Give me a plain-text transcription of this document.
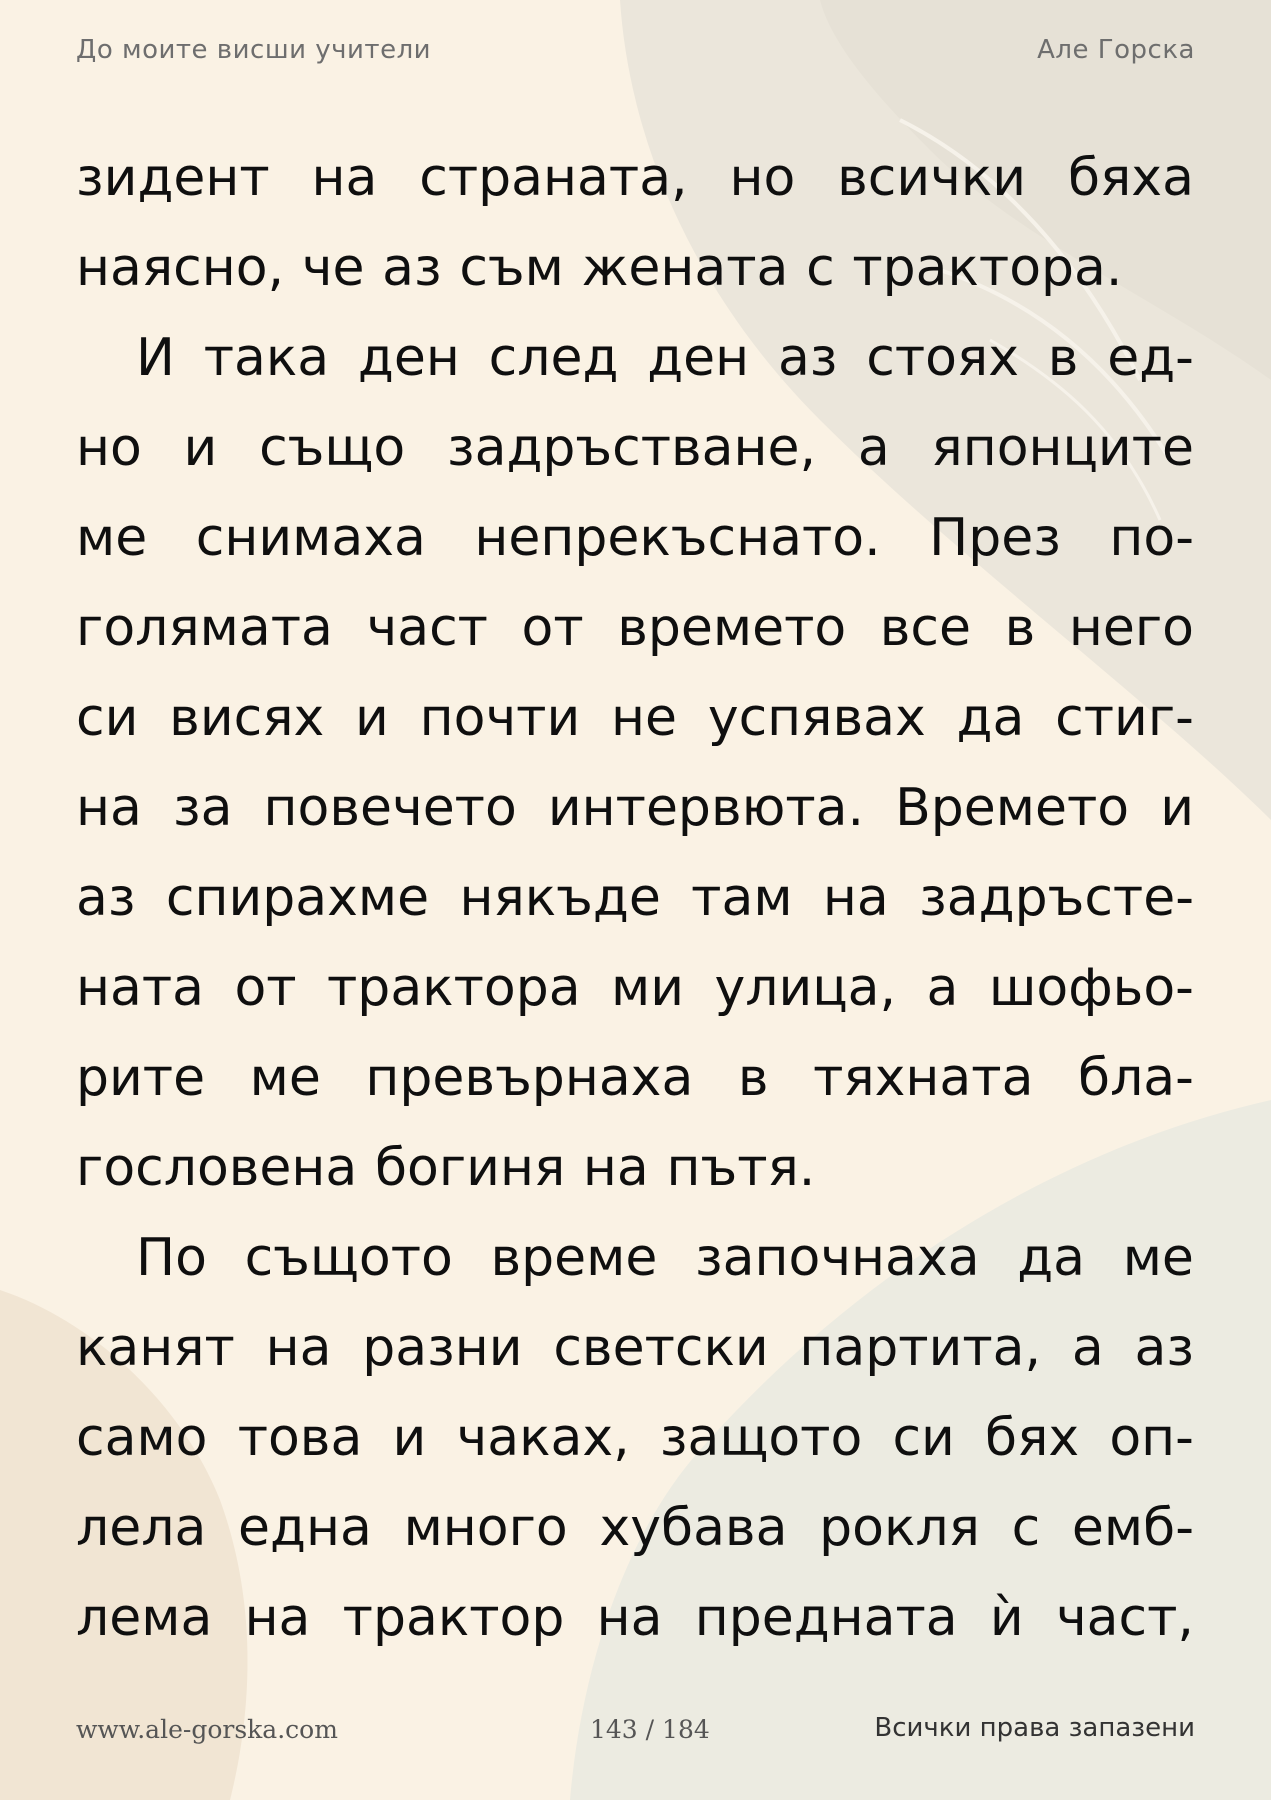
До моите висши учители	Але Горска
зидент на страната, но всички бяха
наясно, че аз съм жената с трактора.
И така ден след ден аз стоях в ед-
но и също задръстване, а японците
ме снимаха непрекъснато. През по-
голямата част от времето все в него
си висях и почти не успявах да стиг-
на за повечето интервюта. Времето и
аз спирахме някъде там на задръсте-
ната от трактора ми улица, а шофьо-
рите ме превърнаха в тяхната бла-
гословена богиня на пътя.
По същото време започнаха да ме
канят на разни светски партита, а аз
само това и чаках, защото си бях оп-
лела една много хубава рокля с емб-
лема на трактор на предната ѝ част,
www.ale-gorska.com	143 / 184	Всички права запазени
